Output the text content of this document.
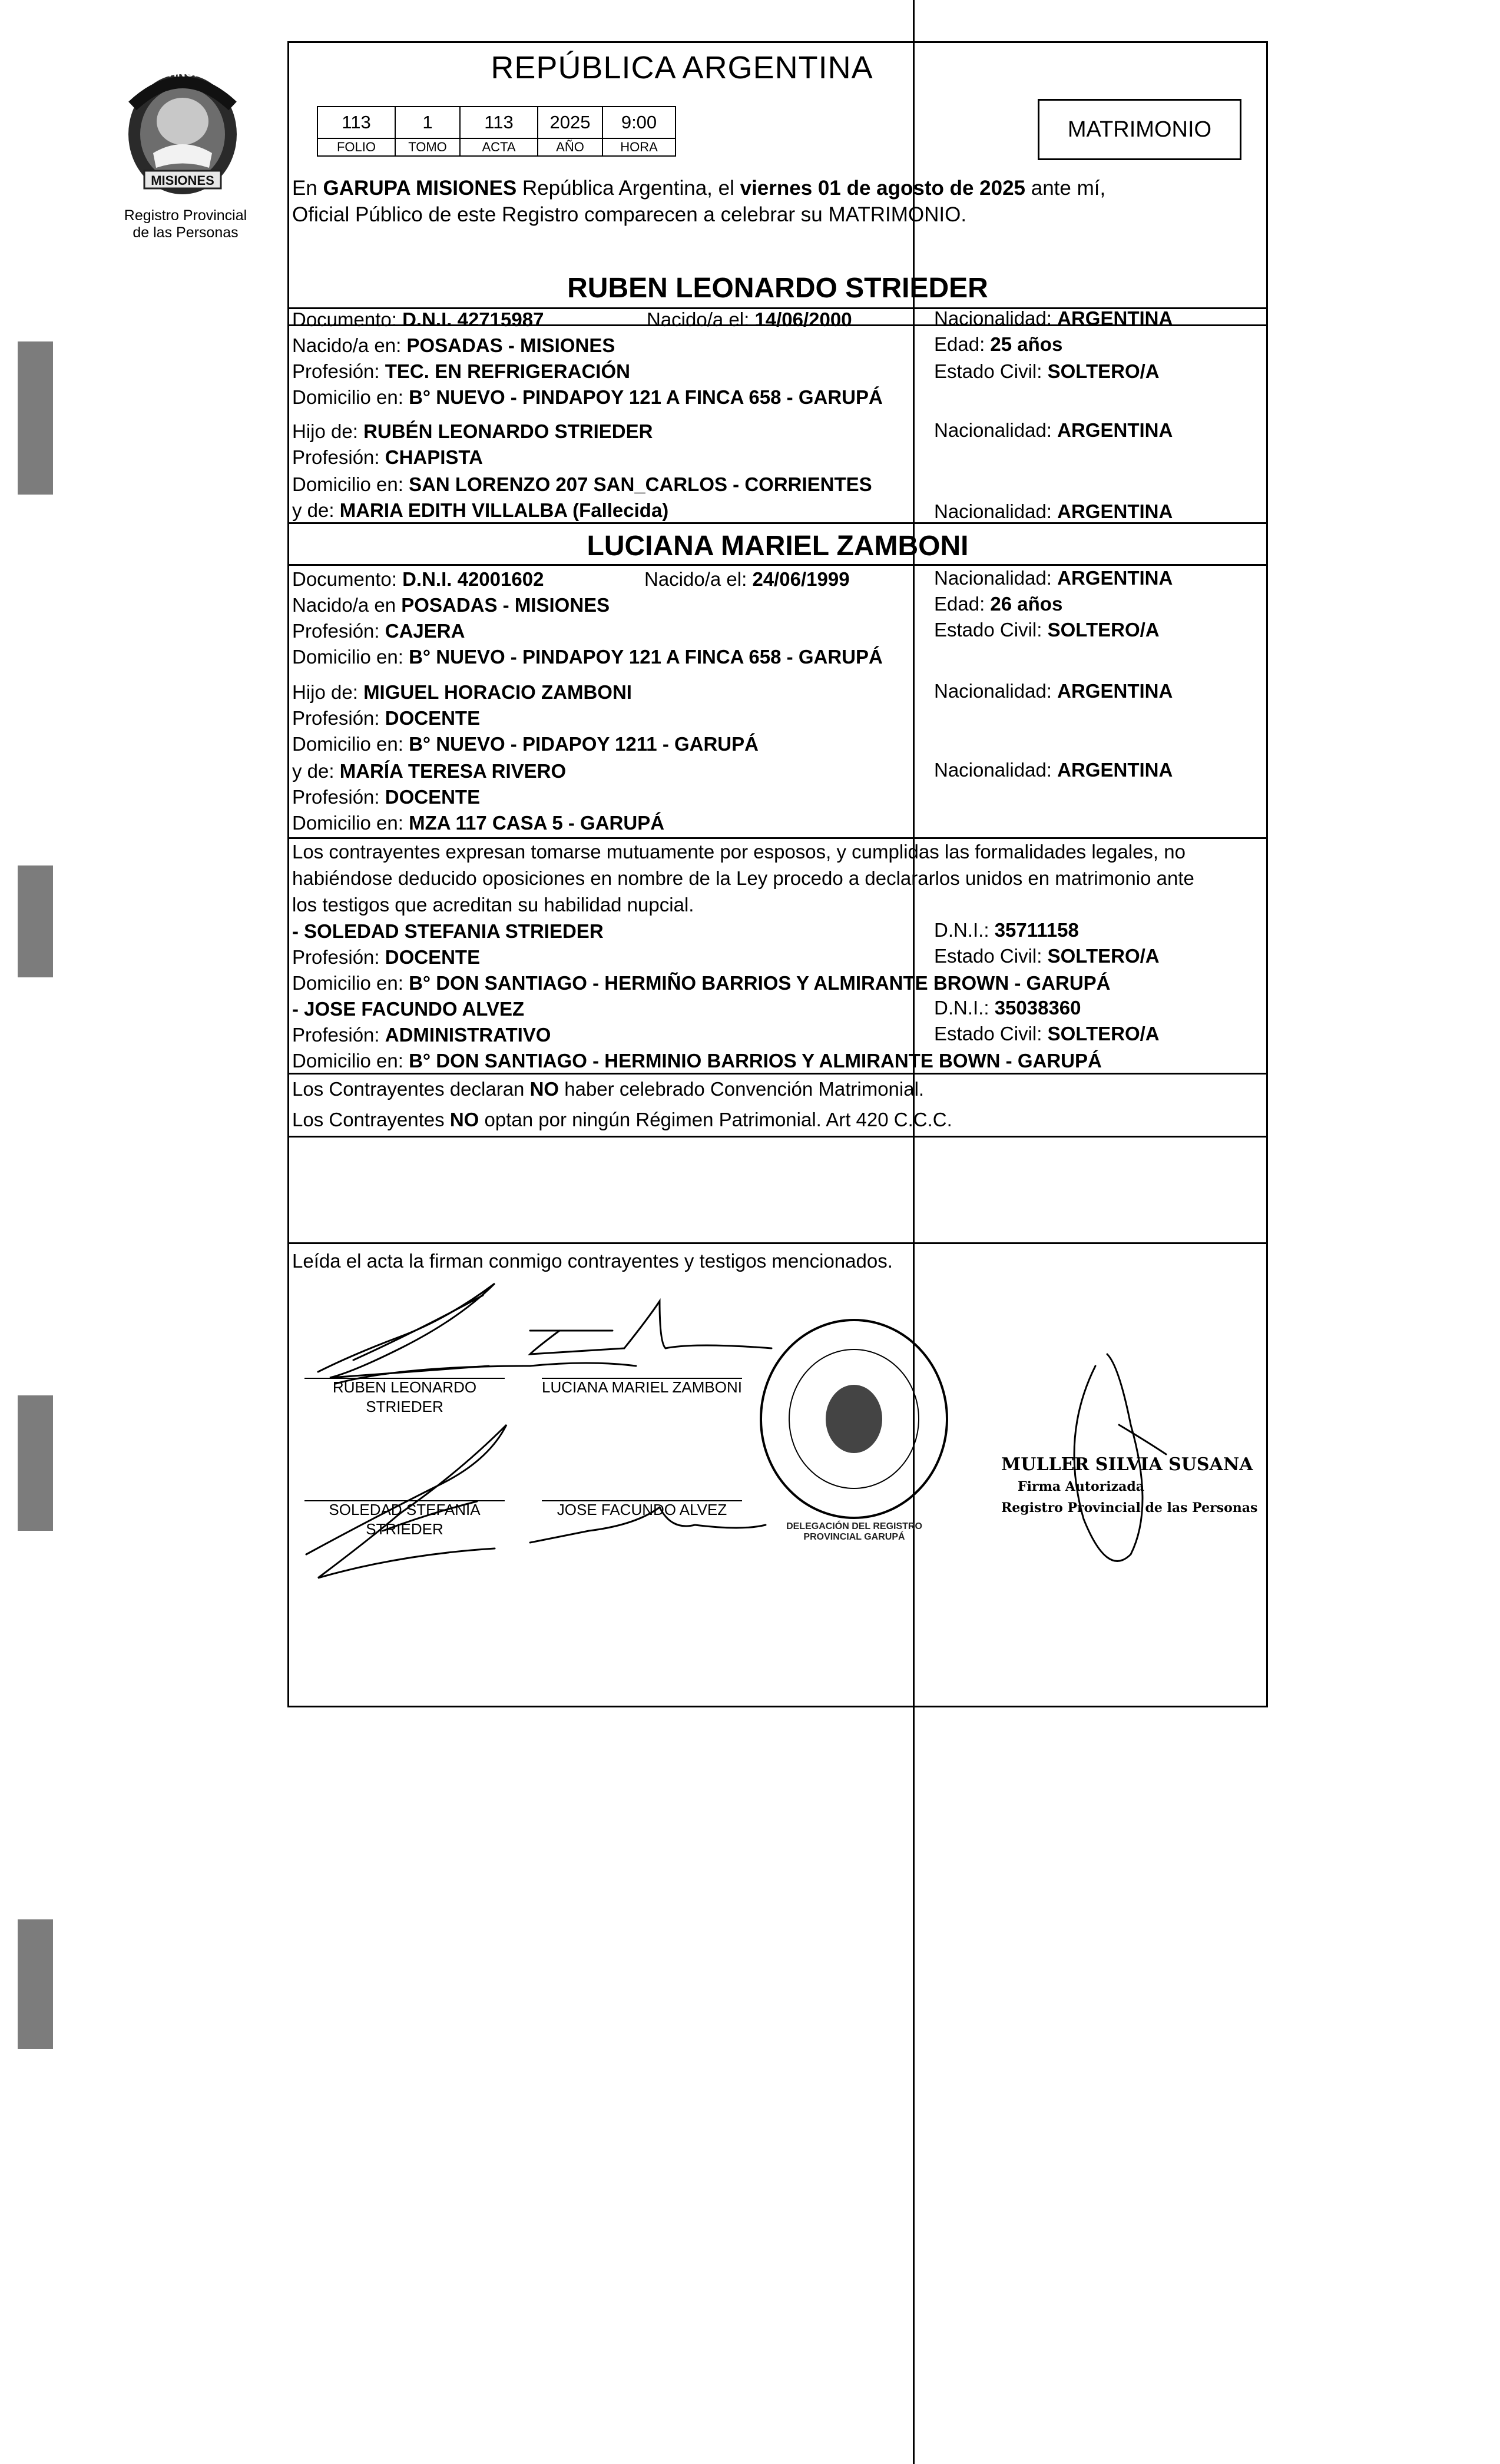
PROVINCIA DE
MISIONES
Registro Provincial
de las Personas
REPÚBLICA ARGENTINA
113	1	113	2025	9:00
FOLIO	TOMO	ACTA	AÑO	HORA
MATRIMONIO
En GARUPA MISIONES República Argentina, el viernes 01 de agosto de 2025 ante mí,
Oficial Público de este Registro comparecen a celebrar su MATRIMONIO.
RUBEN LEONARDO STRIEDER
Documento: D.N.I. 42715987	Nacido/a el: 14/06/2000	Nacionalidad: ARGENTINA
Nacido/a en: POSADAS - MISIONES	Edad: 25 años
Profesión: TEC. EN REFRIGERACIÓN	Estado Civil: SOLTERO/A
Domicilio en: B° NUEVO - PINDAPOY 121 A FINCA 658 - GARUPÁ
Hijo de: RUBÉN LEONARDO STRIEDER	Nacionalidad: ARGENTINA
Profesión: CHAPISTA
Domicilio en: SAN LORENZO 207 SAN_CARLOS - CORRIENTES
y de: MARIA EDITH VILLALBA (Fallecida)	Nacionalidad: ARGENTINA
LUCIANA MARIEL ZAMBONI
Documento: D.N.I. 42001602	Nacido/a el: 24/06/1999	Nacionalidad: ARGENTINA
Nacido/a en POSADAS - MISIONES	Edad: 26 años
Profesión: CAJERA	Estado Civil: SOLTERO/A
Domicilio en: B° NUEVO - PINDAPOY 121 A FINCA 658 - GARUPÁ
Hijo de: MIGUEL HORACIO ZAMBONI	Nacionalidad: ARGENTINA
Profesión: DOCENTE
Domicilio en: B° NUEVO - PIDAPOY 1211 - GARUPÁ
y de: MARÍA TERESA RIVERO	Nacionalidad: ARGENTINA
Profesión: DOCENTE
Domicilio en: MZA 117 CASA 5 - GARUPÁ
Los contrayentes expresan tomarse mutuamente por esposos, y cumplidas las formalidades legales, no
habiéndose deducido oposiciones en nombre de la Ley procedo a declararlos unidos en matrimonio ante
los testigos que acreditan su habilidad nupcial.
- SOLEDAD STEFANIA STRIEDER	D.N.I.: 35711158
Profesión: DOCENTE	Estado Civil: SOLTERO/A
Domicilio en: B° DON SANTIAGO - HERMIÑO BARRIOS Y ALMIRANTE BROWN - GARUPÁ
- JOSE FACUNDO ALVEZ	D.N.I.: 35038360
Profesión: ADMINISTRATIVO	Estado Civil: SOLTERO/A
Domicilio en: B° DON SANTIAGO - HERMINIO BARRIOS Y ALMIRANTE BOWN - GARUPÁ
Los Contrayentes declaran NO haber celebrado Convención Matrimonial.
Los Contrayentes NO optan por ningún Régimen Patrimonial. Art 420 C.C.C.
Leída el acta la firman conmigo contrayentes y testigos mencionados.
RUBEN LEONARDO STRIEDER
LUCIANA MARIEL ZAMBONI
SOLEDAD STEFANIA STRIEDER
JOSE FACUNDO ALVEZ
DELEGACIÓN DEL REGISTRO PROVINCIAL GARUPÁ
MULLER SILVIA SUSANA
Firma Autorizada
Registro Provincial de las Personas
